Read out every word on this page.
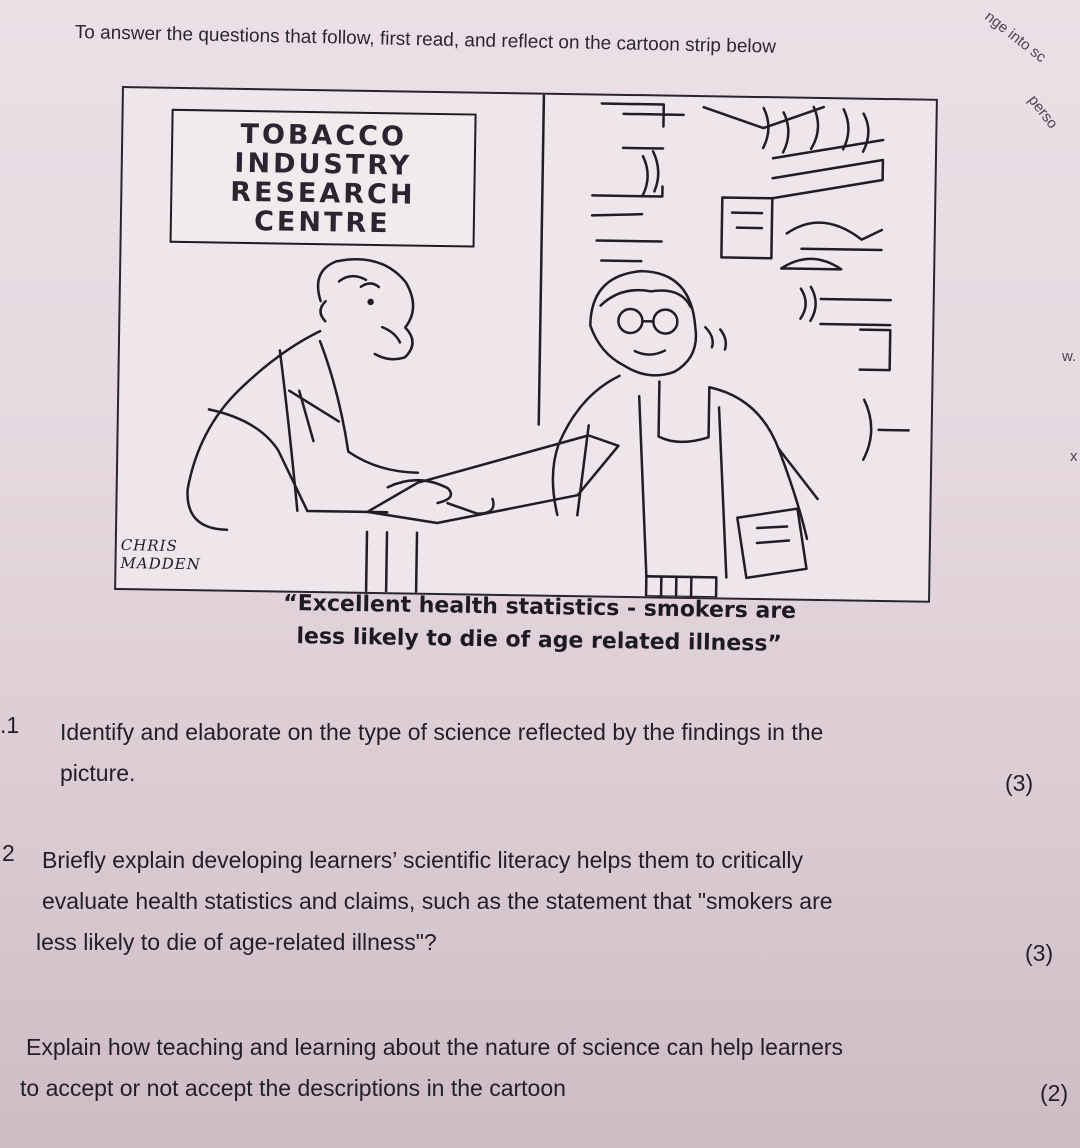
To answer the questions that follow, first read, and reflect on the cartoon strip below	nge into sc
perso
w.
x
TOBACCO
INDUSTRY
RESEARCH
CENTRE
CHRIS
MADDEN
“Excellent health statistics - smokers are
less likely to die of age related illness”
.1 Identify and elaborate on the type of science reflected by the findings in the
picture.	(3)
2 Briefly explain developing learners’ scientific literacy helps them to critically
evaluate health statistics and claims, such as the statement that "smokers are
less likely to die of age-related illness"?	(3)
Explain how teaching and learning about the nature of science can help learners
to accept or not accept the descriptions in the cartoon	(2)
